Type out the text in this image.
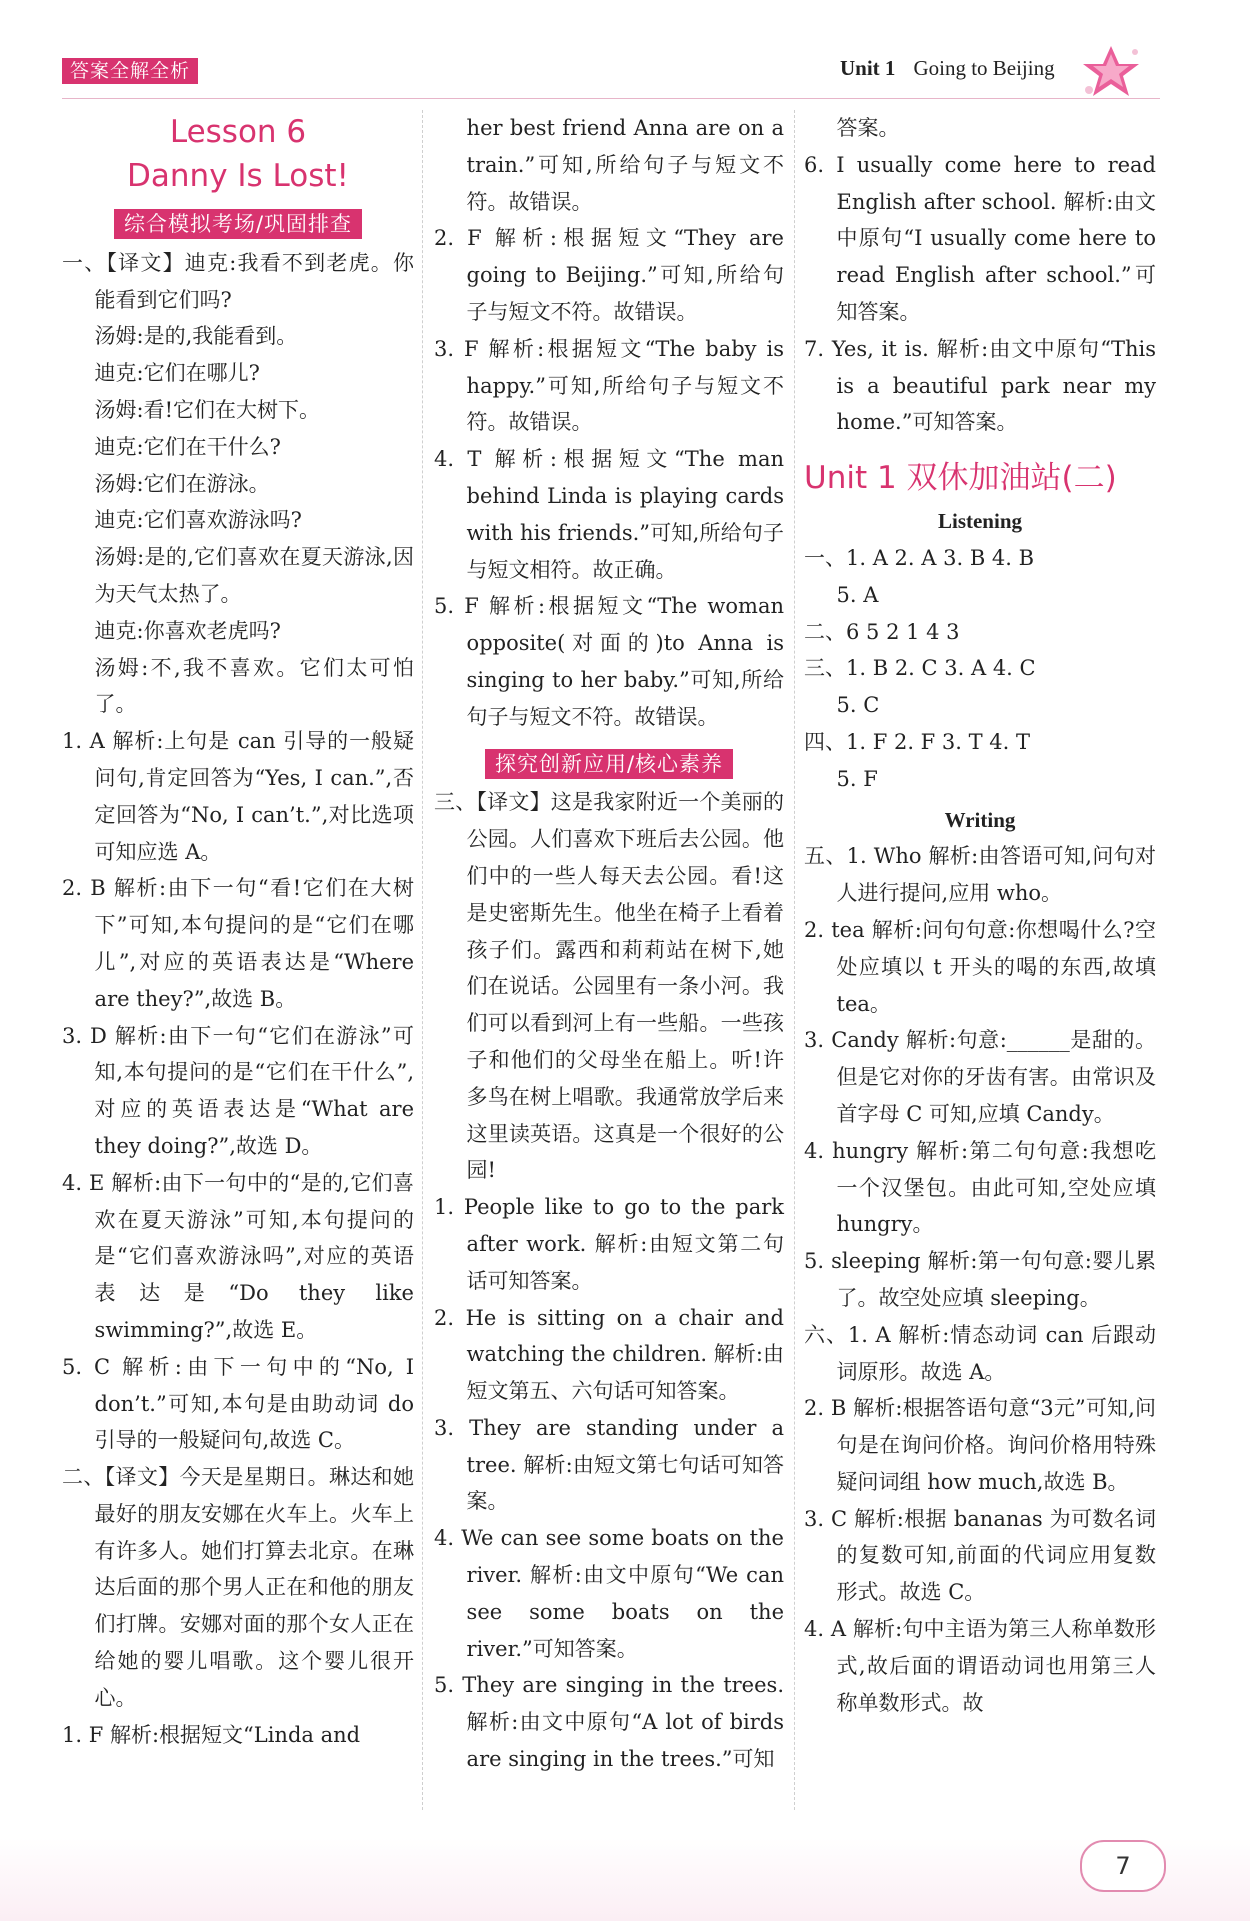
答案全解全析	Unit 1 Going to Beijing
Lesson 6
Danny Is Lost!
综合模拟考场/巩固排查

一、【译文】迪克:我看不到老虎。你能看到它们吗?

汤姆:是的,我能看到。

迪克:它们在哪儿?

汤姆:看!它们在大树下。

迪克:它们在干什么?

汤姆:它们在游泳。

迪克:它们喜欢游泳吗?

汤姆:是的,它们喜欢在夏天游泳,因为天气太热了。

迪克:你喜欢老虎吗?

汤姆:不,我不喜欢。它们太可怕了。

1. A 解析:上句是 can 引导的一般疑问句,肯定回答为“Yes, I can.”,否定回答为“No, I can’t.”,对比选项可知应选 A。

2. B 解析:由下一句“看!它们在大树下”可知,本句提问的是“它们在哪儿”,对应的英语表达是“Where are they?”,故选 B。

3. D 解析:由下一句“它们在游泳”可知,本句提问的是“它们在干什么”,对应的英语表达是“What are they doing?”,故选 D。

4. E 解析:由下一句中的“是的,它们喜欢在夏天游泳”可知,本句提问的是“它们喜欢游泳吗”,对应的英语表达是“Do they like swimming?”,故选 E。

5. C 解析:由下一句中的“No, I don’t.”可知,本句是由助动词 do 引导的一般疑问句,故选 C。

二、【译文】今天是星期日。琳达和她最好的朋友安娜在火车上。火车上有许多人。她们打算去北京。在琳达后面的那个男人正在和他的朋友们打牌。安娜对面的那个女人正在给她的婴儿唱歌。这个婴儿很开心。

1. F 解析:根据短文“Linda and

her best friend Anna are on a train.”可知,所给句子与短文不符。故错误。

2. F 解析:根据短文“They are going to Beijing.”可知,所给句子与短文不符。故错误。

3. F 解析:根据短文“The baby is happy.”可知,所给句子与短文不符。故错误。

4. T 解析:根据短文“The man behind Linda is playing cards with his friends.”可知,所给句子与短文相符。故正确。

5. F 解析:根据短文“The woman opposite(对面的)to Anna is singing to her baby.”可知,所给句子与短文不符。故错误。

探究创新应用/核心素养

三、【译文】这是我家附近一个美丽的公园。人们喜欢下班后去公园。他们中的一些人每天去公园。看!这是史密斯先生。他坐在椅子上看着孩子们。露西和莉莉站在树下,她们在说话。公园里有一条小河。我们可以看到河上有一些船。一些孩子和他们的父母坐在船上。听!许多鸟在树上唱歌。我通常放学后来这里读英语。这真是一个很好的公园!

1. People like to go to the park after work. 解析:由短文第二句话可知答案。

2. He is sitting on a chair and watching the children. 解析:由短文第五、六句话可知答案。

3. They are standing under a tree. 解析:由短文第七句话可知答案。

4. We can see some boats on the river. 解析:由文中原句“We can see some boats on the river.”可知答案。

5. They are singing in the trees. 解析:由文中原句“A lot of birds are singing in the trees.”可知

答案。

6. I usually come here to read English after school. 解析:由文中原句“I usually come here to read English after school.”可知答案。

7. Yes, it is. 解析:由文中原句“This is a beautiful park near my home.”可知答案。

Unit 1 双休加油站(二)
Listening

一、1. A 2. A 3. B 4. B

5. A

二、6 5 2 1 4 3

三、1. B 2. C 3. A 4. C

5. C

四、1. F 2. F 3. T 4. T

5. F

Writing

五、1. Who 解析:由答语可知,问句对人进行提问,应用 who。

2. tea 解析:问句句意:你想喝什么?空处应填以 t 开头的喝的东西,故填 tea。

3. Candy 解析:句意:______是甜的。但是它对你的牙齿有害。由常识及首字母 C 可知,应填 Candy。

4. hungry 解析:第二句句意:我想吃一个汉堡包。由此可知,空处应填 hungry。

5. sleeping 解析:第一句句意:婴儿累了。故空处应填 sleeping。

六、1. A 解析:情态动词 can 后跟动词原形。故选 A。

2. B 解析:根据答语句意“3元”可知,问句是在询问价格。询问价格用特殊疑问词组 how much,故选 B。

3. C 解析:根据 bananas 为可数名词的复数可知,前面的代词应用复数形式。故选 C。

4. A 解析:句中主语为第三人称单数形式,故后面的谓语动词也用第三人称单数形式。故

7
